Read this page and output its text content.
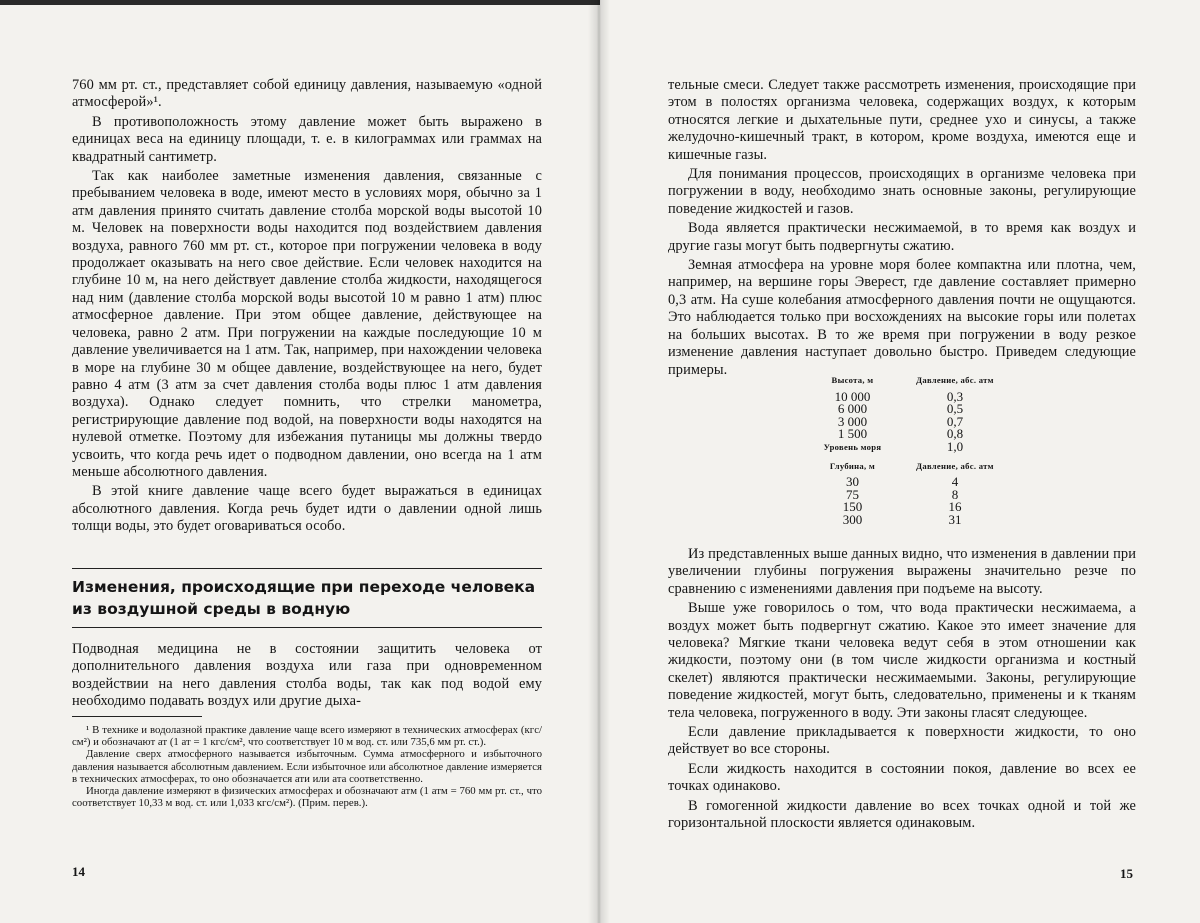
760 мм рт. ст., представляет собой единицу давления, называемую «одной атмосферой»¹.

В противоположность этому давление может быть выражено в единицах веса на единицу площади, т. е. в килограммах или граммах на квадратный сантиметр.

Так как наиболее заметные изменения давления, связанные с пребыванием человека в воде, имеют место в условиях моря, обычно за 1 атм давления принято считать давление столба морской воды высотой 10 м. Человек на поверхности воды находится под воздействием давления воздуха, равного 760 мм рт. ст., которое при погружении человека в воду продолжает оказывать на него свое действие. Если человек находится на глубине 10 м, на него действует давление столба жидкости, находящегося над ним (давление столба морской воды высотой 10 м равно 1 атм) плюс атмосферное давление. При этом общее давление, действующее на человека, равно 2 атм. При погружении на каждые последующие 10 м давление увеличивается на 1 атм. Так, например, при нахождении человека в море на глубине 30 м общее давление, воздействующее на него, будет равно 4 атм (3 атм за счет давления столба воды плюс 1 атм давления воздуха). Однако следует помнить, что стрелки манометра, регистрирующие давление под водой, на поверхности воды находятся на нулевой отметке. Поэтому для избежания путаницы мы должны твердо усвоить, что когда речь идет о подводном давлении, оно всегда на 1 атм меньше абсолютного давления.

В этой книге давление чаще всего будет выражаться в единицах абсолютного давления. Когда речь будет идти о давлении одной лишь толщи воды, это будет оговариваться особо.

Изменения, происходящие при переходе человека из воздушной среды в водную

Подводная медицина не в состоянии защитить человека от дополнительного давления воздуха или газа при одновременном воздействии на него давления столба воды, так как под водой ему необходимо подавать воздух или другие дыха-

¹ В технике и водолазной практике давление чаще всего измеряют в технических атмосферах (кгс/см²) и обозначают ат (1 ат = 1 кгс/см², что соответствует 10 м вод. ст. или 735,6 мм рт. ст.).

Давление сверх атмосферного называется избыточным. Сумма атмосферного и избыточного давления называется абсолютным давлением. Если избыточное или абсолютное давление измеряется в технических атмосферах, то оно обозначается ати или ата соответственно.

Иногда давление измеряют в физических атмосферах и обозначают атм (1 атм = 760 мм рт. ст., что соответствует 10,33 м вод. ст. или 1,033 кгс/см²). (Прим. перев.).

14

тельные смеси. Следует также рассмотреть изменения, происходящие при этом в полостях организма человека, содержащих воздух, к которым относятся легкие и дыхательные пути, среднее ухо и синусы, а также желудочно-кишечный тракт, в котором, кроме воздуха, имеются еще и кишечные газы.

Для понимания процессов, происходящих в организме человека при погружении в воду, необходимо знать основные законы, регулирующие поведение жидкостей и газов.

Вода является практически несжимаемой, в то время как воздух и другие газы могут быть подвергнуты сжатию.

Земная атмосфера на уровне моря более компактна или плотна, чем, например, на вершине горы Эверест, где давление составляет примерно 0,3 атм. На суше колебания атмосферного давления почти не ощущаются. Это наблюдается только при восхождениях на высокие горы или полетах на больших высотах. В то же время при погружении в воду резкое изменение давления наступает довольно быстро. Приведем следующие примеры.

Высота, м	Давление, абс. атм
10 000	0,3
6 000	0,5
3 000	0,7
1 500	0,8
Уровень моря	1,0
Глубина, м	Давление, абс. атм
30	4
75	8
150	16
300	31

Из представленных выше данных видно, что изменения в давлении при увеличении глубины погружения выражены значительно резче по сравнению с изменениями давления при подъеме на высоту.

Выше уже говорилось о том, что вода практически несжимаема, а воздух может быть подвергнут сжатию. Какое это имеет значение для человека? Мягкие ткани человека ведут себя в этом отношении как жидкости, поэтому они (в том числе жидкости организма и костный скелет) являются практически несжимаемыми. Законы, регулирующие поведение жидкостей, могут быть, следовательно, применены и к тканям тела человека, погруженного в воду. Эти законы гласят следующее.

Если давление прикладывается к поверхности жидкости, то оно действует во все стороны.

Если жидкость находится в состоянии покоя, давление во всех ее точках одинаково.

В гомогенной жидкости давление во всех точках одной и той же горизонтальной плоскости является одинаковым.

15
